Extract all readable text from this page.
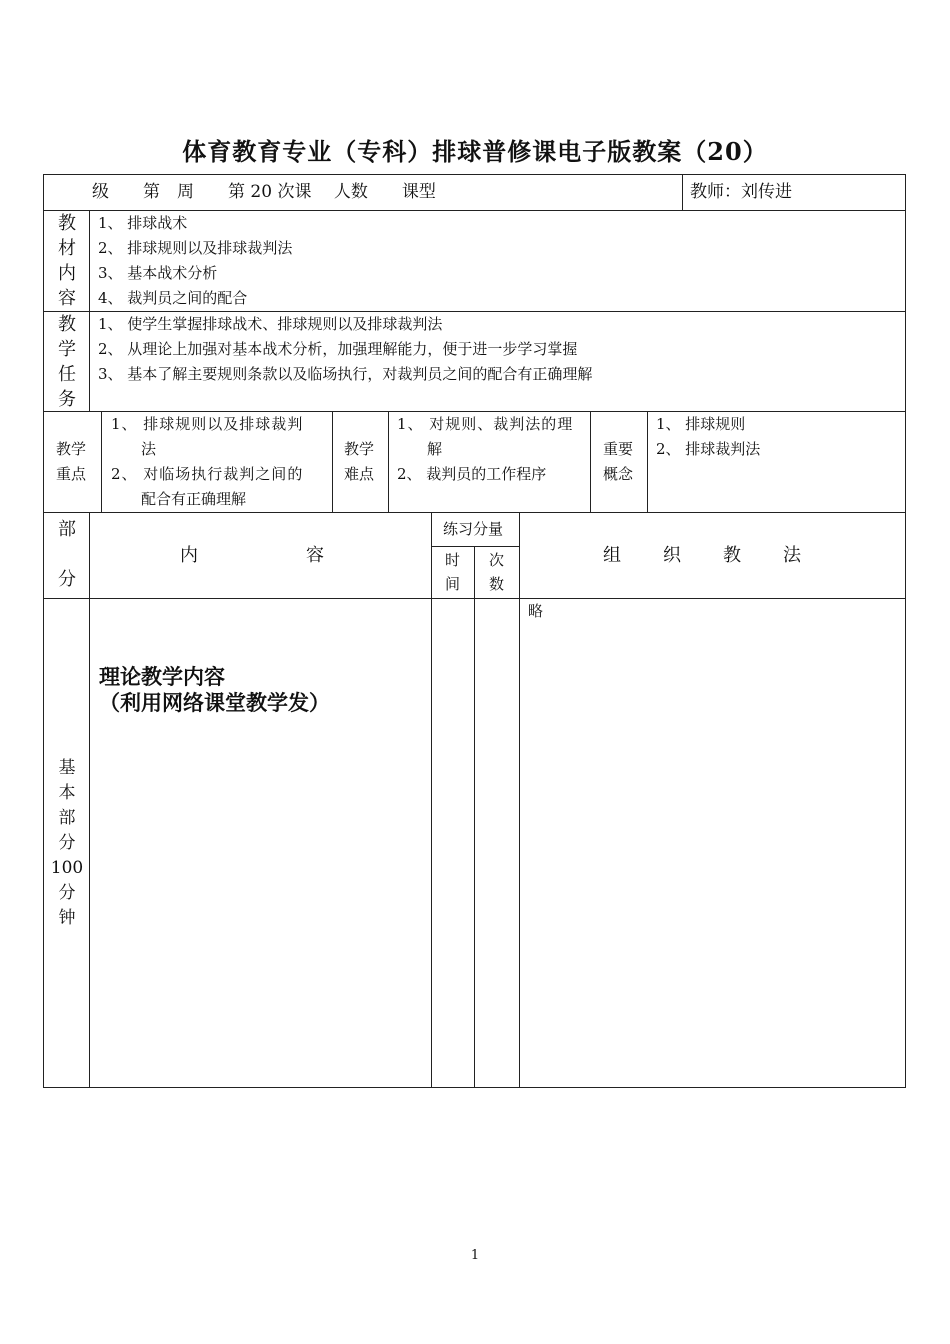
体育教育专业（专科）排球普修课电子版教案（20）
级　　第　周　　第 20 次课　 人数　　课型	教师：刘传进
教
材
内
容
1、 排球战术
2、 排球规则以及排球裁判法
3、 基本战术分析
4、 裁判员之间的配合
教
学
任
务
1、 使学生掌握排球战术、排球规则以及排球裁判法
2、 从理论上加强对基本战术分析，加强理解能力，便于进一步学习掌握
3、 基本了解主要规则条款以及临场执行，对裁判员之间的配合有正确理解
教学
重点
1、 排球规则以及排球裁判
法
2、 对临场执行裁判之间的
配合有正确理解
教学
难点
1、 对规则、裁判法的理
解
2、 裁判员的工作程序
重要
概念
1、 排球规则
2、 排球裁判法
部
分
内　　　　　　容
练习分量
时
间
次
数
组　　织　　教　　法
基
本
部
分
100
分
钟
理论教学内容
（利用网络课堂教学发）
略
1
